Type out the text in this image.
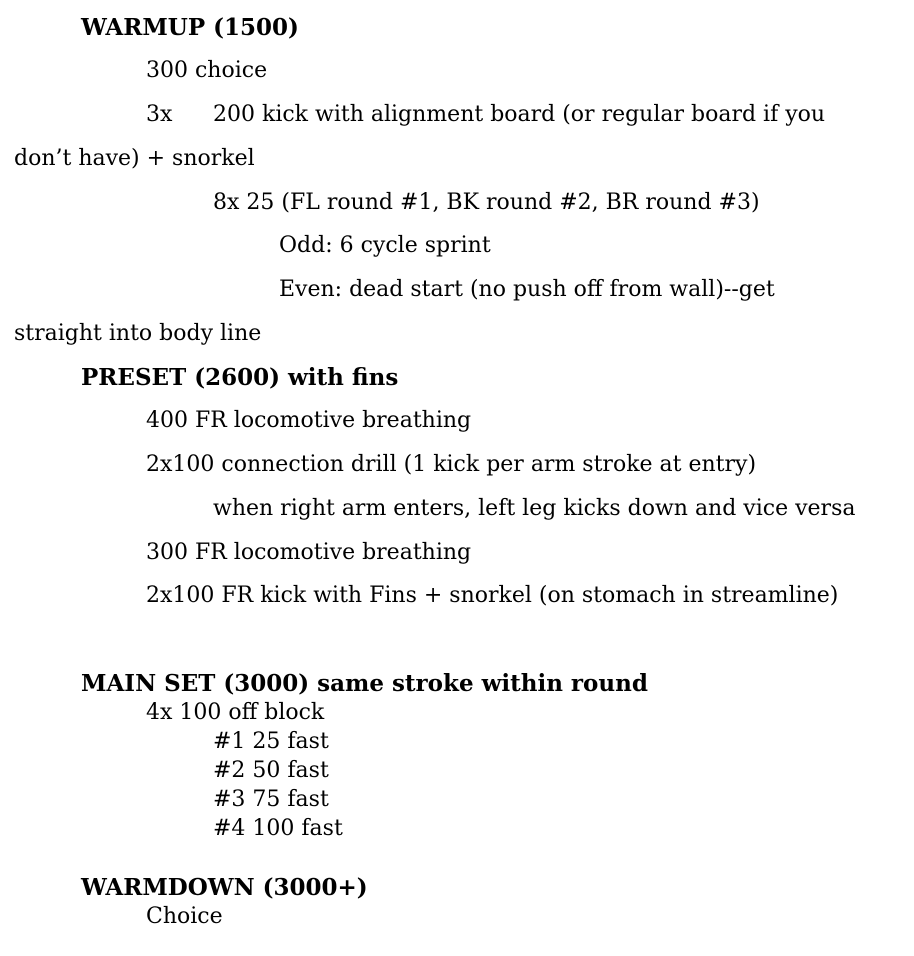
WARMUP (1500)
300 choice
3x 200 kick with alignment board (or regular board if you
don’t have) + snorkel
8x 25 (FL round #1, BK round #2, BR round #3)
Odd: 6 cycle sprint
Even: dead start (no push off from wall)--get
straight into body line
PRESET (2600) with fins
400 FR locomotive breathing
2x100 connection drill (1 kick per arm stroke at entry)
when right arm enters, left leg kicks down and vice versa
300 FR locomotive breathing
2x100 FR kick with Fins + snorkel (on stomach in streamline)
MAIN SET (3000) same stroke within round
4x 100 off block
#1 25 fast
#2 50 fast
#3 75 fast
#4 100 fast
WARMDOWN (3000+)
Choice
